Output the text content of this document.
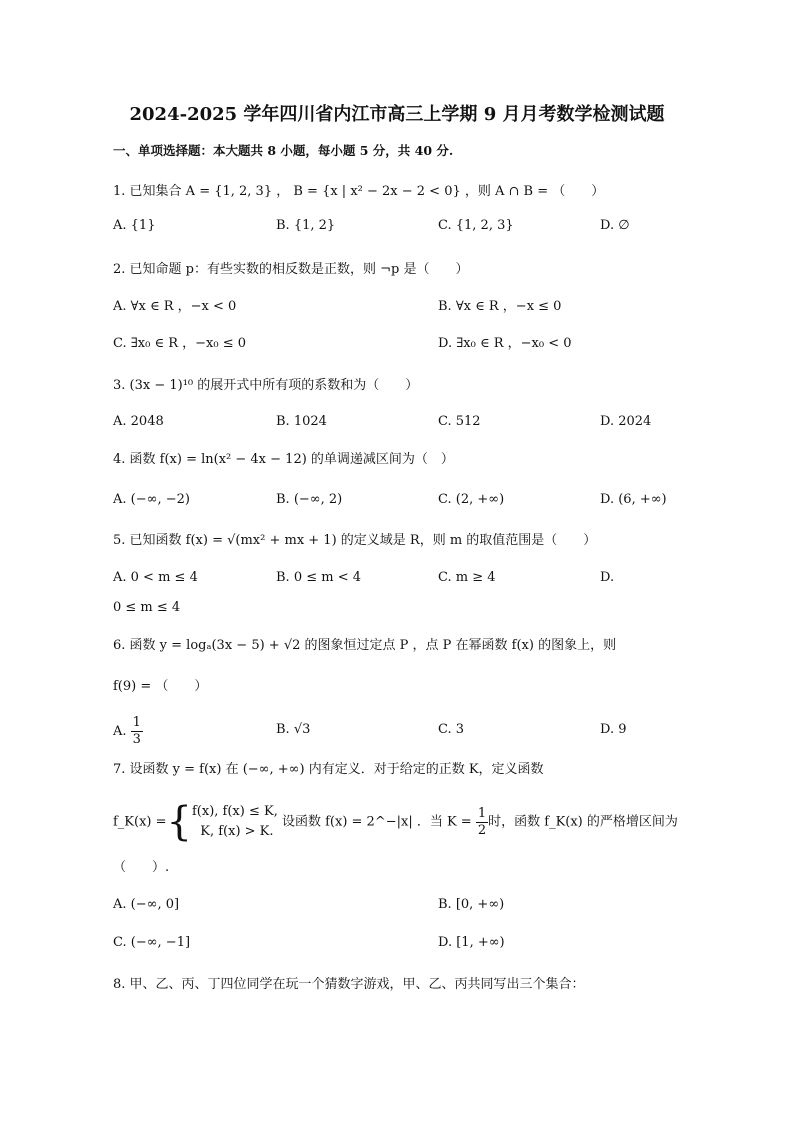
2024-2025 学年四川省内江市高三上学期 9 月月考数学检测试题
一、单项选择题：本大题共 8 小题，每小题 5 分，共 40 分.
1. 已知集合 A = {1, 2, 3} ， B = {x | x² − 2x − 2 < 0} ，则 A ∩ B = （　　）
A. {1}	B. {1, 2}	C. {1, 2, 3}	D. ∅
2. 已知命题 p：有些实数的相反数是正数，则 ¬p 是（　　）
A. ∀x ∈ R ，−x < 0	B. ∀x ∈ R ，−x ≤ 0
C. ∃x₀ ∈ R ，−x₀ ≤ 0	D. ∃x₀ ∈ R ，−x₀ < 0
3. (3x − 1)¹⁰ 的展开式中所有项的系数和为（　　）
A. 2048	B. 1024	C. 512	D. 2024
4. 函数 f(x) = ln(x² − 4x − 12) 的单调递减区间为（　）
A. (−∞, −2)	B. (−∞, 2)	C. (2, +∞)	D. (6, +∞)
5. 已知函数 f(x) = √(mx² + mx + 1) 的定义域是 R，则 m 的取值范围是（　　）
A. 0 < m ≤ 4	B. 0 ≤ m < 4	C. m ≥ 4	D.
0 ≤ m ≤ 4
6. 函数 y = logₐ(3x − 5) + √2 的图象恒过定点 P ，点 P 在幂函数 f(x) 的图象上，则
f(9) = （　　）
A. $\frac{1}{3}$	B. √3	C. 3	D. 9
7. 设函数 y = f(x) 在 (−∞, +∞) 内有定义．对于给定的正数 K，定义函数
f_K(x) ={f(x), f(x) ≤ K,
K, f(x) > K. 设函数 f(x) = 2^−|x| ．当 $K = \frac{1}{2}$ 时，函数 f_K(x) 的严格增区间为
（　　）.
A. (−∞, 0]	B. [0, +∞)
C. (−∞, −1]	D. [1, +∞)
8. 甲、乙、丙、丁四位同学在玩一个猜数字游戏，甲、乙、丙共同写出三个集合：
